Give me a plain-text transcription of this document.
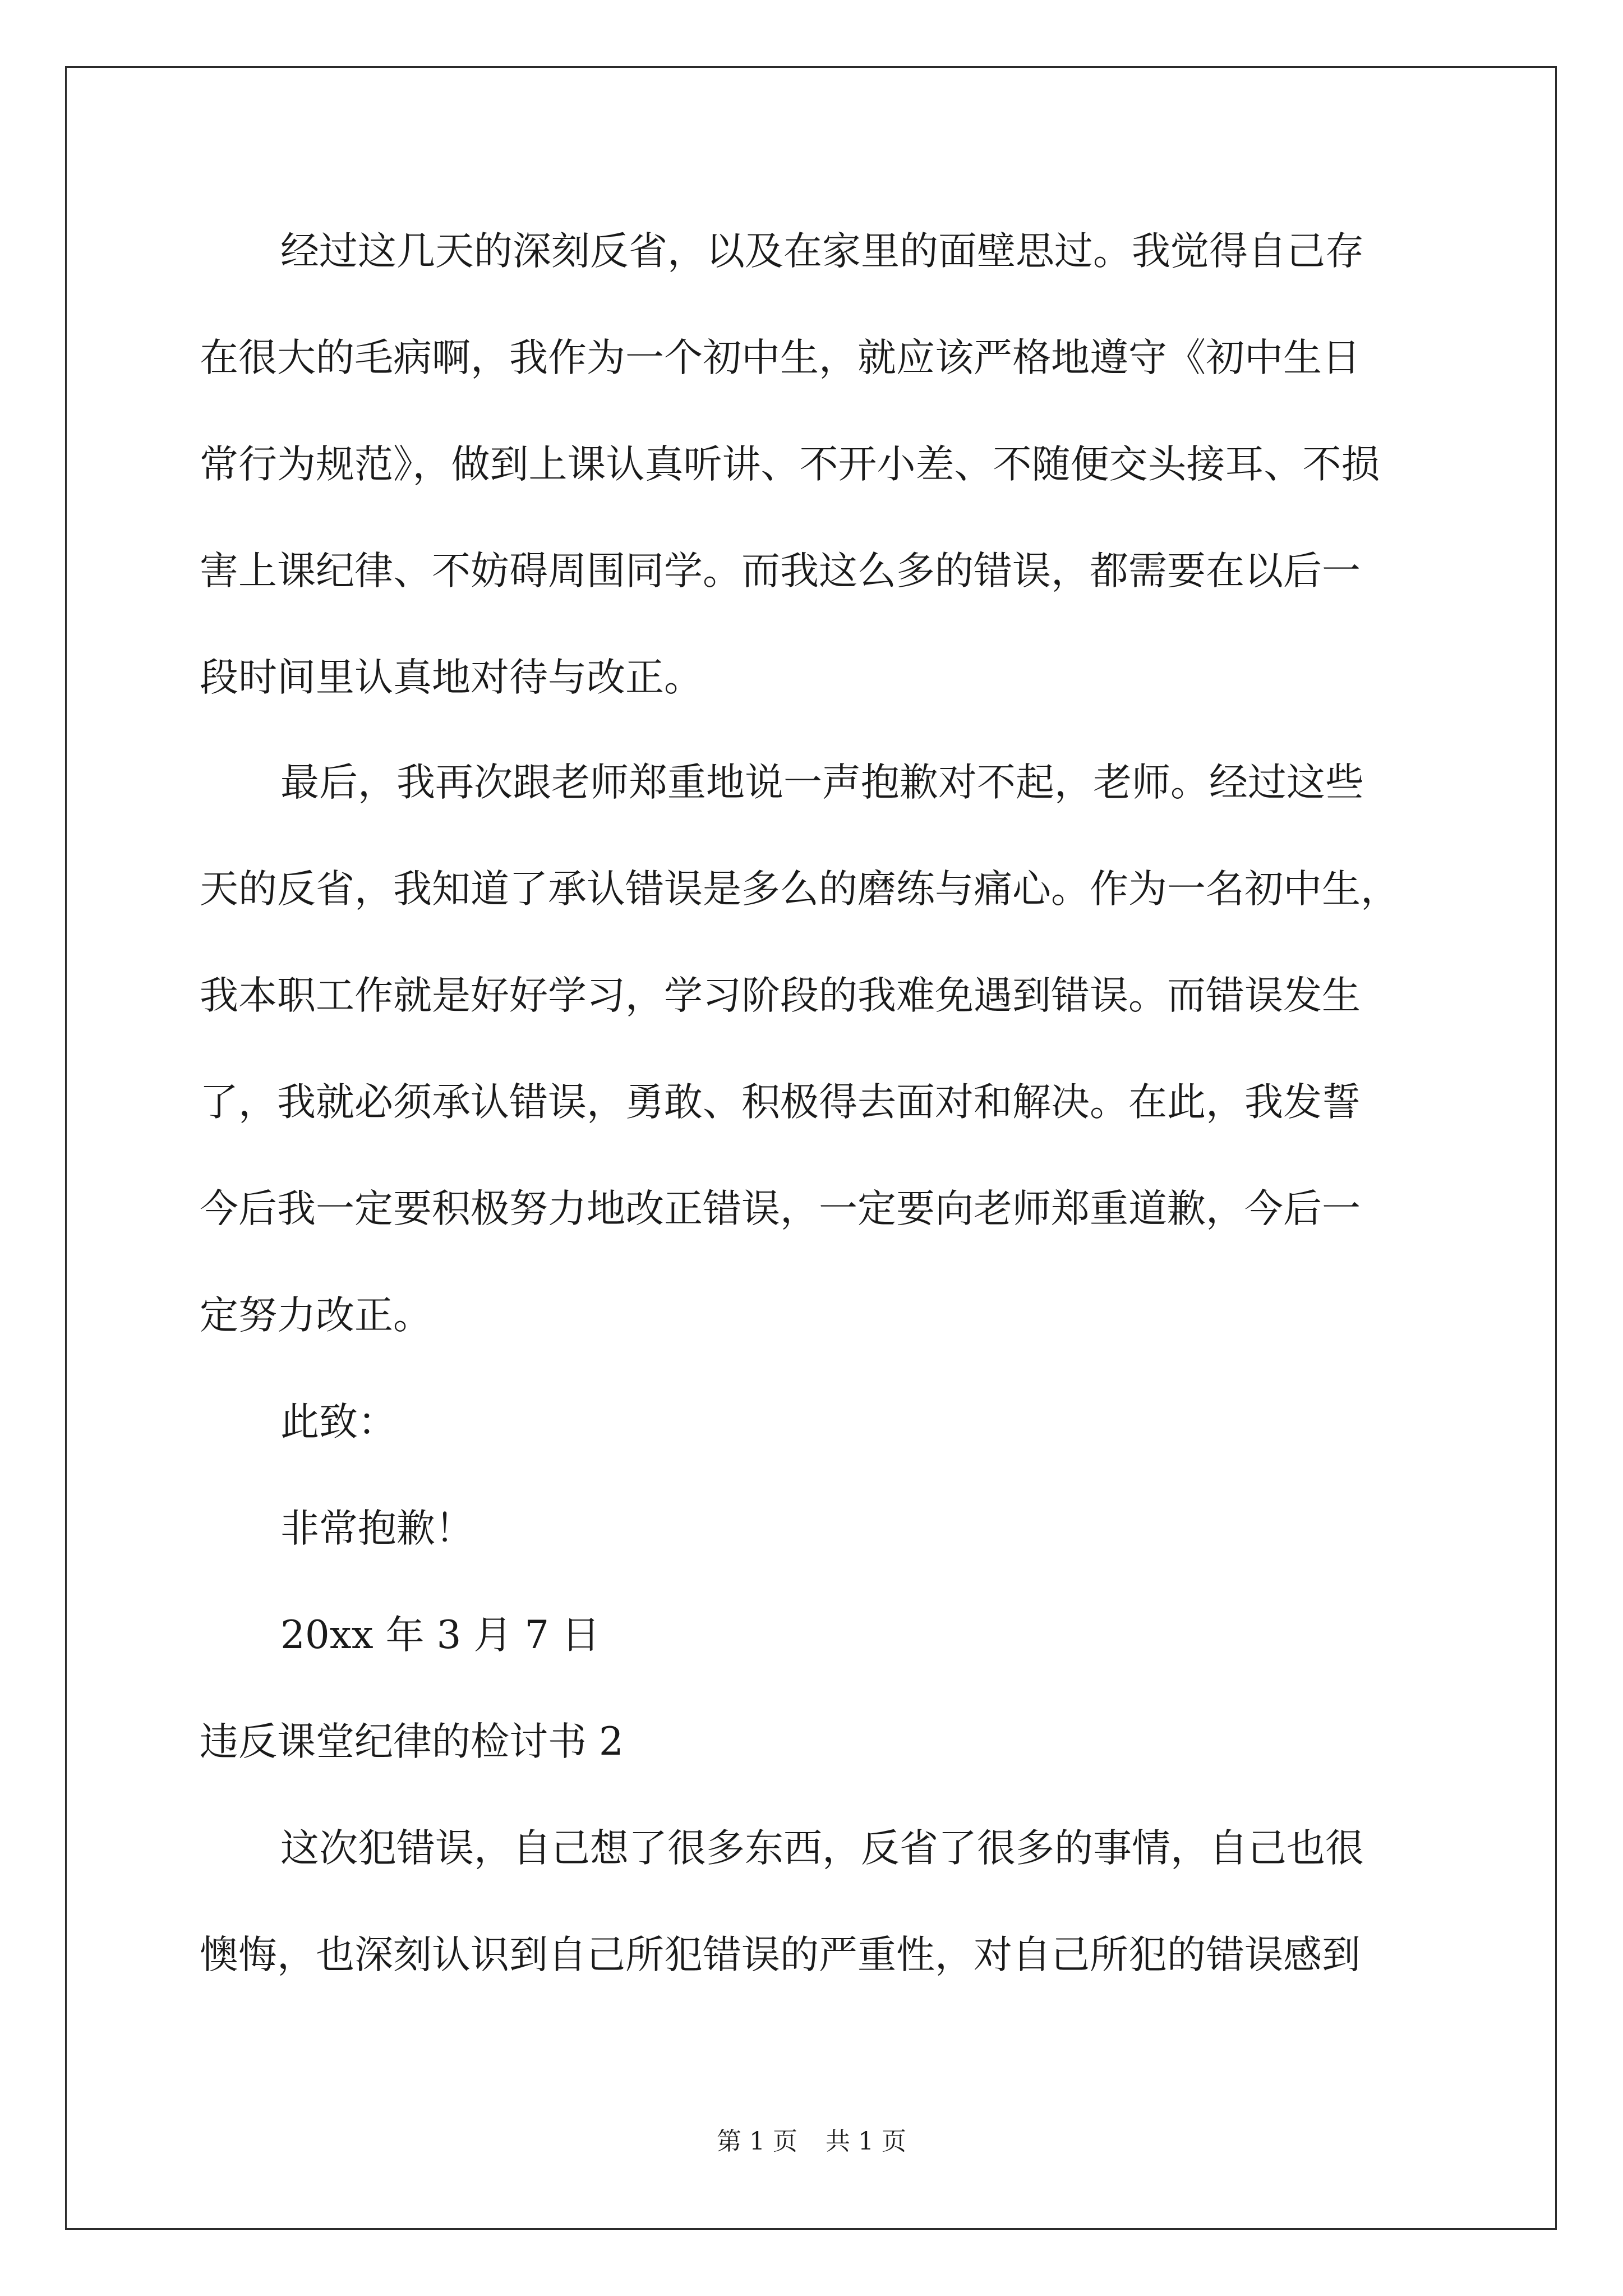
经过这几天的深刻反省，以及在家里的面壁思过。我觉得自己存
在很大的毛病啊，我作为一个初中生，就应该严格地遵守《初中生日
常行为规范》，做到上课认真听讲、不开小差、不随便交头接耳、不损
害上课纪律、不妨碍周围同学。而我这么多的错误，都需要在以后一
段时间里认真地对待与改正。
最后，我再次跟老师郑重地说一声抱歉对不起，老师。经过这些
天的反省，我知道了承认错误是多么的磨练与痛心。作为一名初中生，
我本职工作就是好好学习，学习阶段的我难免遇到错误。而错误发生
了，我就必须承认错误，勇敢、积极得去面对和解决。在此，我发誓
今后我一定要积极努力地改正错误，一定要向老师郑重道歉，今后一
定努力改正。
此致：
非常抱歉！
20xx 年 3 月 7 日
违反课堂纪律的检讨书 2
这次犯错误，自己想了很多东西，反省了很多的事情，自己也很
懊悔，也深刻认识到自己所犯错误的严重性，对自己所犯的错误感到
第 1 页 共 1 页
